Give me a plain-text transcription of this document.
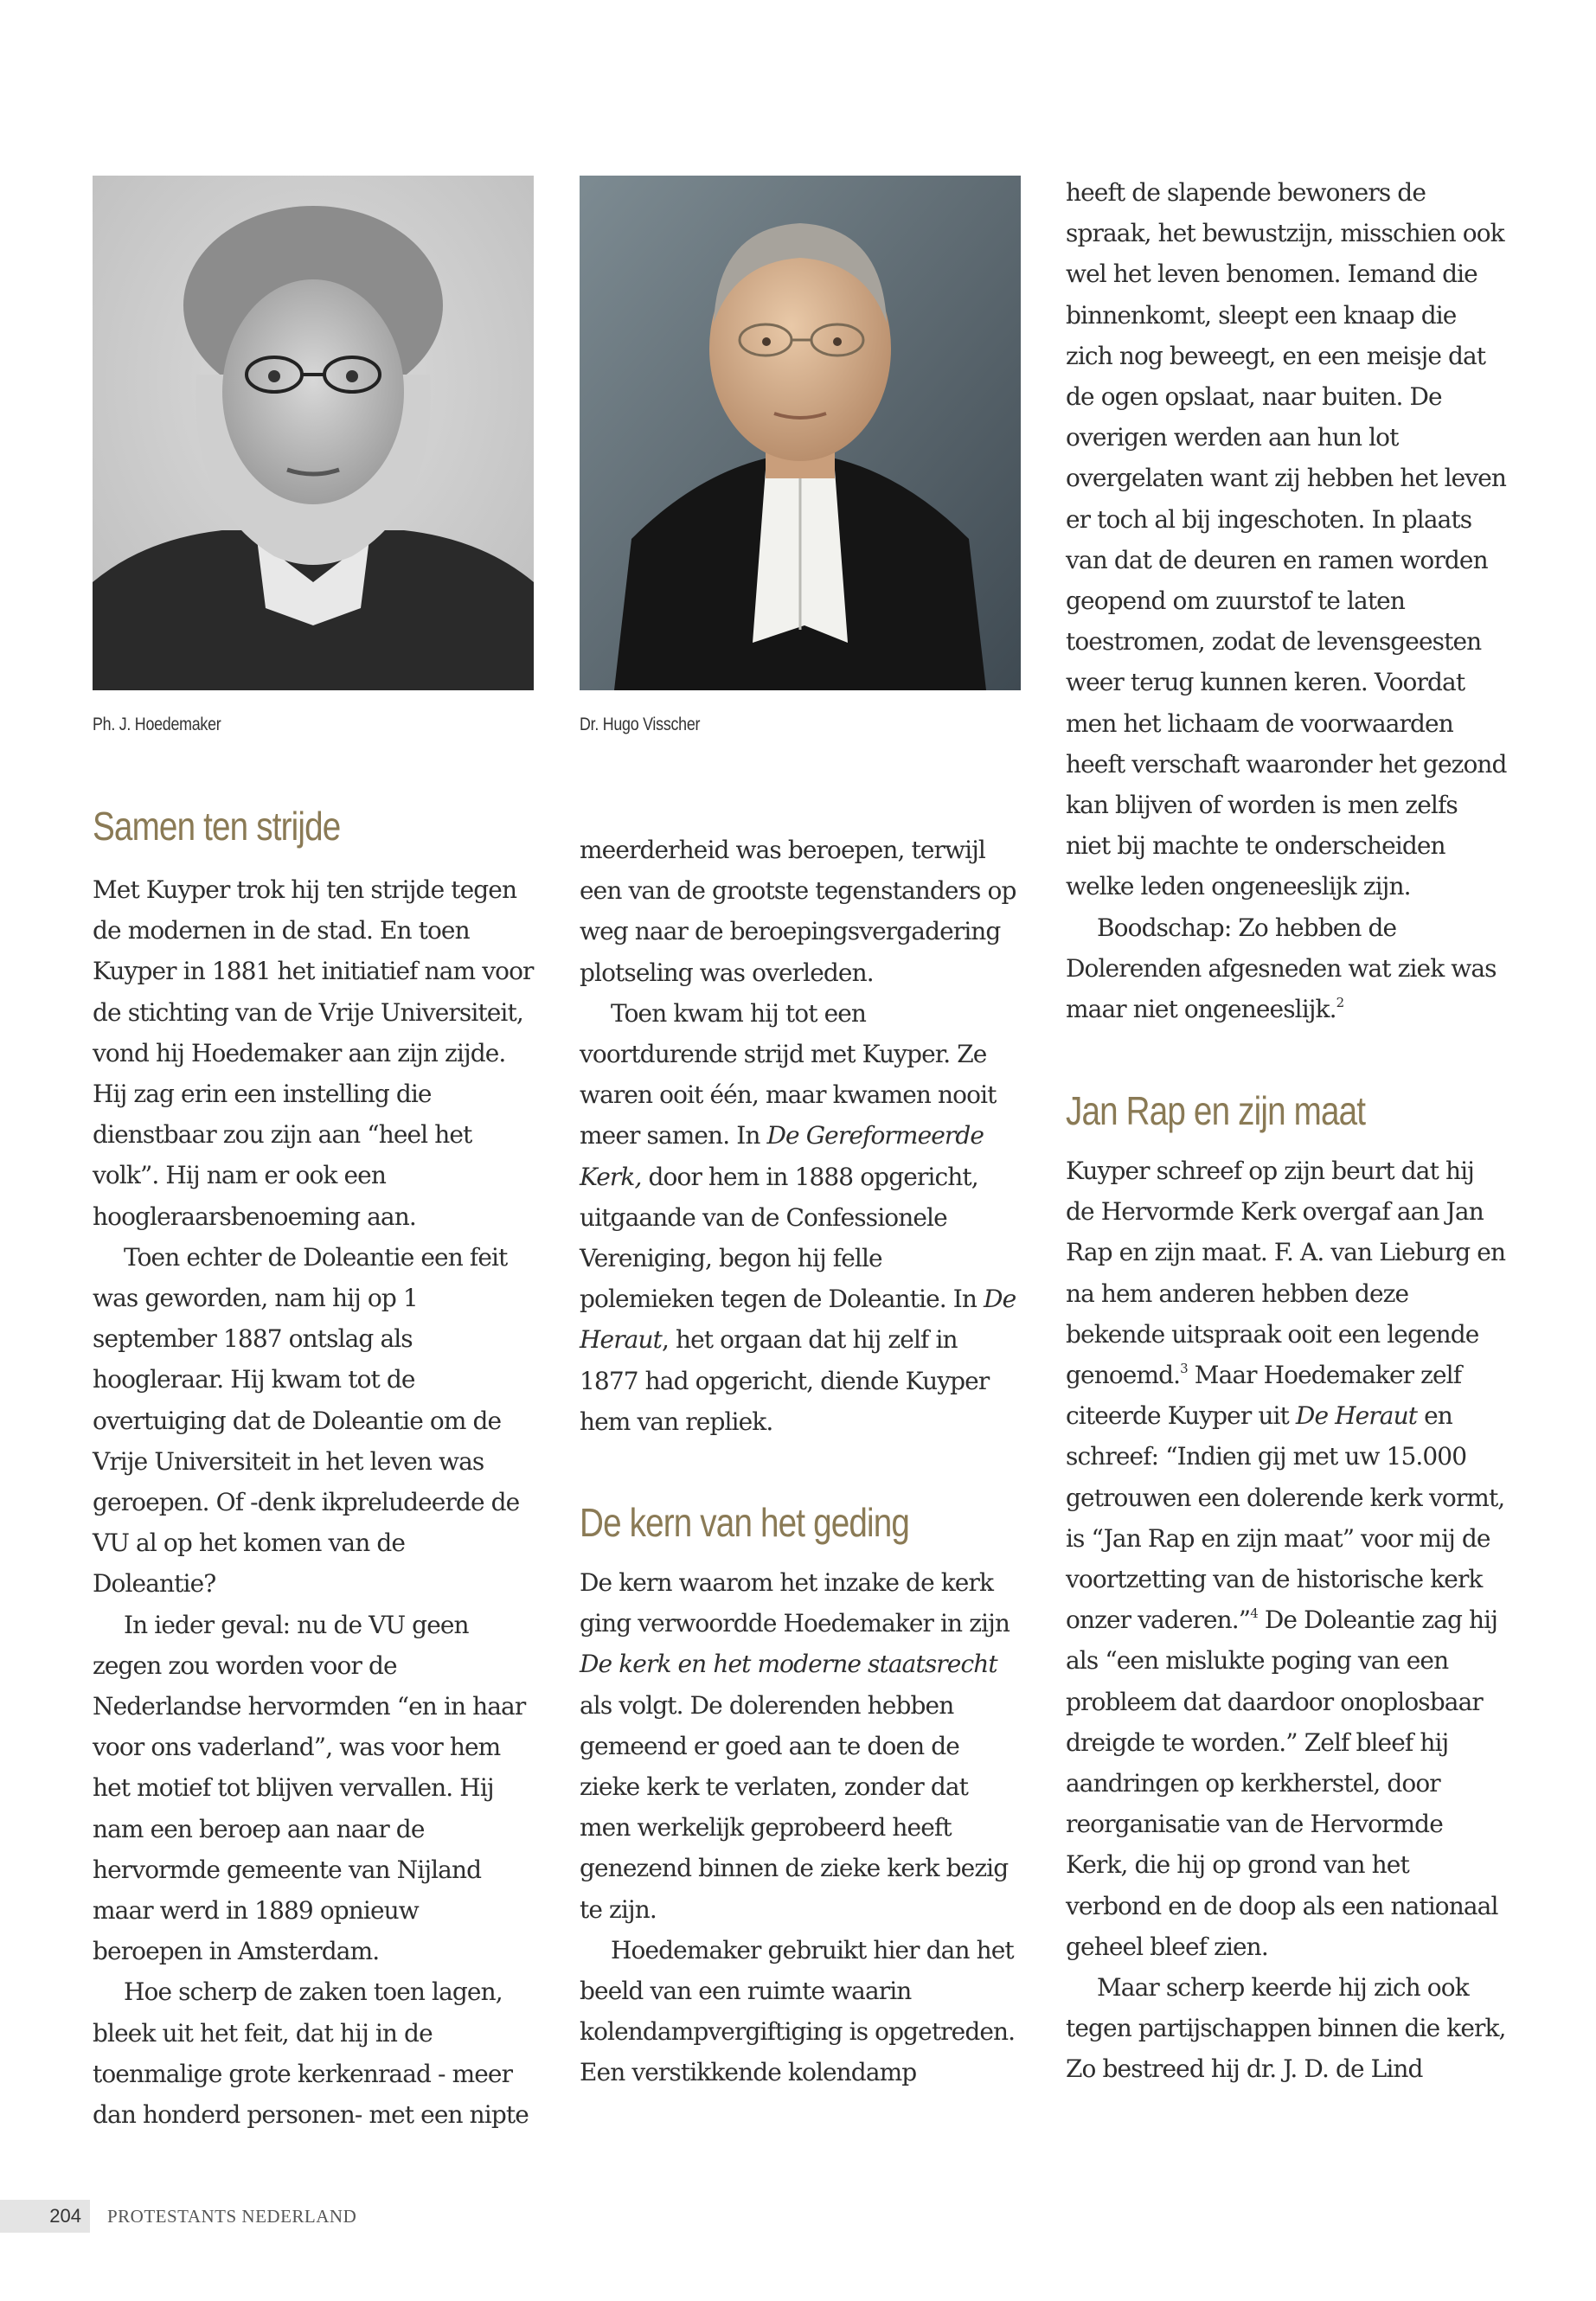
Ph. J. Hoedemaker	Dr. Hugo Visscher
Samen ten strijde

Met Kuyper trok hij ten strijde tegen de modernen in de stad. En toen Kuyper in 1881 het initiatief nam voor de stichting van de Vrije Universiteit, vond hij Hoedemaker aan zijn zijde. Hij zag erin een instelling die dienstbaar zou zijn aan “heel het volk”. Hij nam er ook een hoogleraarsbenoeming aan.

Toen echter de Doleantie een feit was geworden, nam hij op 1 september 1887 ontslag als hoogleraar. Hij kwam tot de overtuiging dat de Doleantie om de Vrije Universiteit in het leven was geroepen. Of -denk ikpreludeerde de VU al op het komen van de Doleantie?

In ieder geval: nu de VU geen zegen zou worden voor de Nederlandse hervormden “en in haar voor ons vaderland”, was voor hem het motief tot blijven vervallen. Hij nam een beroep aan naar de hervormde gemeente van Nijland maar werd in 1889 opnieuw beroepen in Amsterdam.

Hoe scherp de zaken toen lagen, bleek uit het feit, dat hij in de toenmalige grote kerkenraad - meer dan honderd personen- met een nipte

meerderheid was beroepen, terwijl een van de grootste tegenstanders op weg naar de beroepingsvergadering plotseling was overleden.

Toen kwam hij tot een voortdurende strijd met Kuyper. Ze waren ooit één, maar kwamen nooit meer samen. In De Gereformeerde Kerk, door hem in 1888 opgericht, uitgaande van de Confessionele Vereniging, begon hij felle polemieken tegen de Doleantie. In De Heraut, het orgaan dat hij zelf in 1877 had opgericht, diende Kuyper hem van repliek.

De kern van het geding

De kern waarom het inzake de kerk ging verwoordde Hoedemaker in zijn De kerk en het moderne staatsrecht als volgt. De dolerenden hebben gemeend er goed aan te doen de zieke kerk te verlaten, zonder dat men werkelijk geprobeerd heeft genezend binnen de zieke kerk bezig te zijn.

Hoedemaker gebruikt hier dan het beeld van een ruimte waarin kolendampvergiftiging is opgetreden. Een verstikkende kolendamp

heeft de slapende bewoners de spraak, het bewustzijn, misschien ook wel het leven benomen. Iemand die binnenkomt, sleept een knaap die zich nog beweegt, en een meisje dat de ogen opslaat, naar buiten. De overigen werden aan hun lot overgelaten want zij hebben het leven er toch al bij ingeschoten. In plaats van dat de deuren en ramen worden geopend om zuurstof te laten toestromen, zodat de levensgeesten weer terug kunnen keren. Voordat men het lichaam de voorwaarden heeft verschaft waaronder het gezond kan blijven of worden is men zelfs niet bij machte te onderscheiden welke leden ongeneeslijk zijn.

Boodschap: Zo hebben de Dolerenden afgesneden wat ziek was maar niet ongeneeslijk.$^2$

Jan Rap en zijn maat

Kuyper schreef op zijn beurt dat hij de Hervormde Kerk overgaf aan Jan Rap en zijn maat. F. A. van Lieburg en na hem anderen hebben deze bekende uitspraak ooit een legende genoemd.$^3$ Maar Hoedemaker zelf citeerde Kuyper uit De Heraut en schreef: “Indien gij met uw 15.000 getrouwen een dolerende kerk vormt, is “Jan Rap en zijn maat” voor mij de voortzetting van de historische kerk onzer vaderen.”$^4$ De Doleantie zag hij als “een mislukte poging van een probleem dat daardoor onoplosbaar dreigde te worden.” Zelf bleef hij aandringen op kerkherstel, door reorganisatie van de Hervormde Kerk, die hij op grond van het verbond en de doop als een nationaal geheel bleef zien.

Maar scherp keerde hij zich ook tegen partijschappen binnen die kerk, Zo bestreed hij dr. J. D. de Lind

204	PROTESTANTS NEDERLAND
